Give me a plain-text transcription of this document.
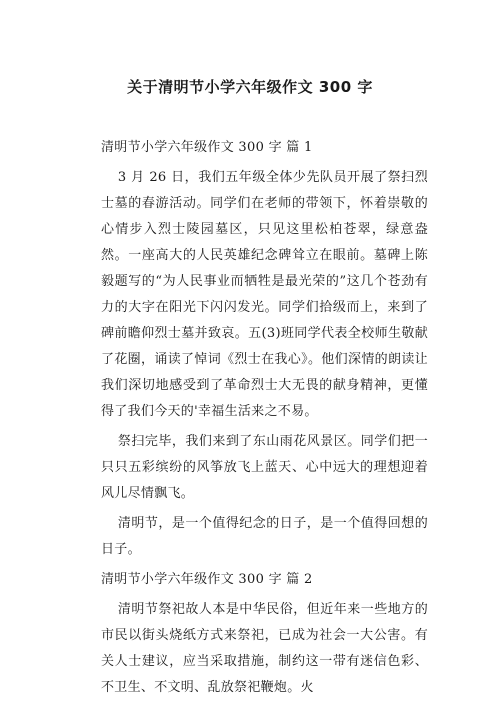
关于清明节小学六年级作文 300 字

清明节小学六年级作文 300 字 篇 1

3 月 26 日，我们五年级全体少先队员开展了祭扫烈士墓的春游活动。同学们在老师的带领下，怀着崇敬的心情步入烈士陵园墓区，只见这里松柏苍翠，绿意盎然。一座高大的人民英雄纪念碑耸立在眼前。墓碑上陈毅题写的“为人民事业而牺牲是最光荣的”这几个苍劲有力的大字在阳光下闪闪发光。同学们拾级而上，来到了碑前瞻仰烈士墓并致哀。五(3)班同学代表全校师生敬献了花圈，诵读了悼词《烈士在我心》。他们深情的朗读让我们深切地感受到了革命烈士大无畏的献身精神，更懂得了我们今天的'幸福生活来之不易。

祭扫完毕，我们来到了东山雨花风景区。同学们把一只只五彩缤纷的风筝放飞上蓝天、心中远大的理想迎着风儿尽情飘飞。

清明节，是一个值得纪念的日子，是一个值得回想的日子。

清明节小学六年级作文 300 字 篇 2

清明节祭祀故人本是中华民俗，但近年来一些地方的市民以街头烧纸方式来祭祀，已成为社会一大公害。有关人士建议，应当采取措施，制约这一带有迷信色彩、不卫生、不文明、乱放祭祀鞭炮。火
